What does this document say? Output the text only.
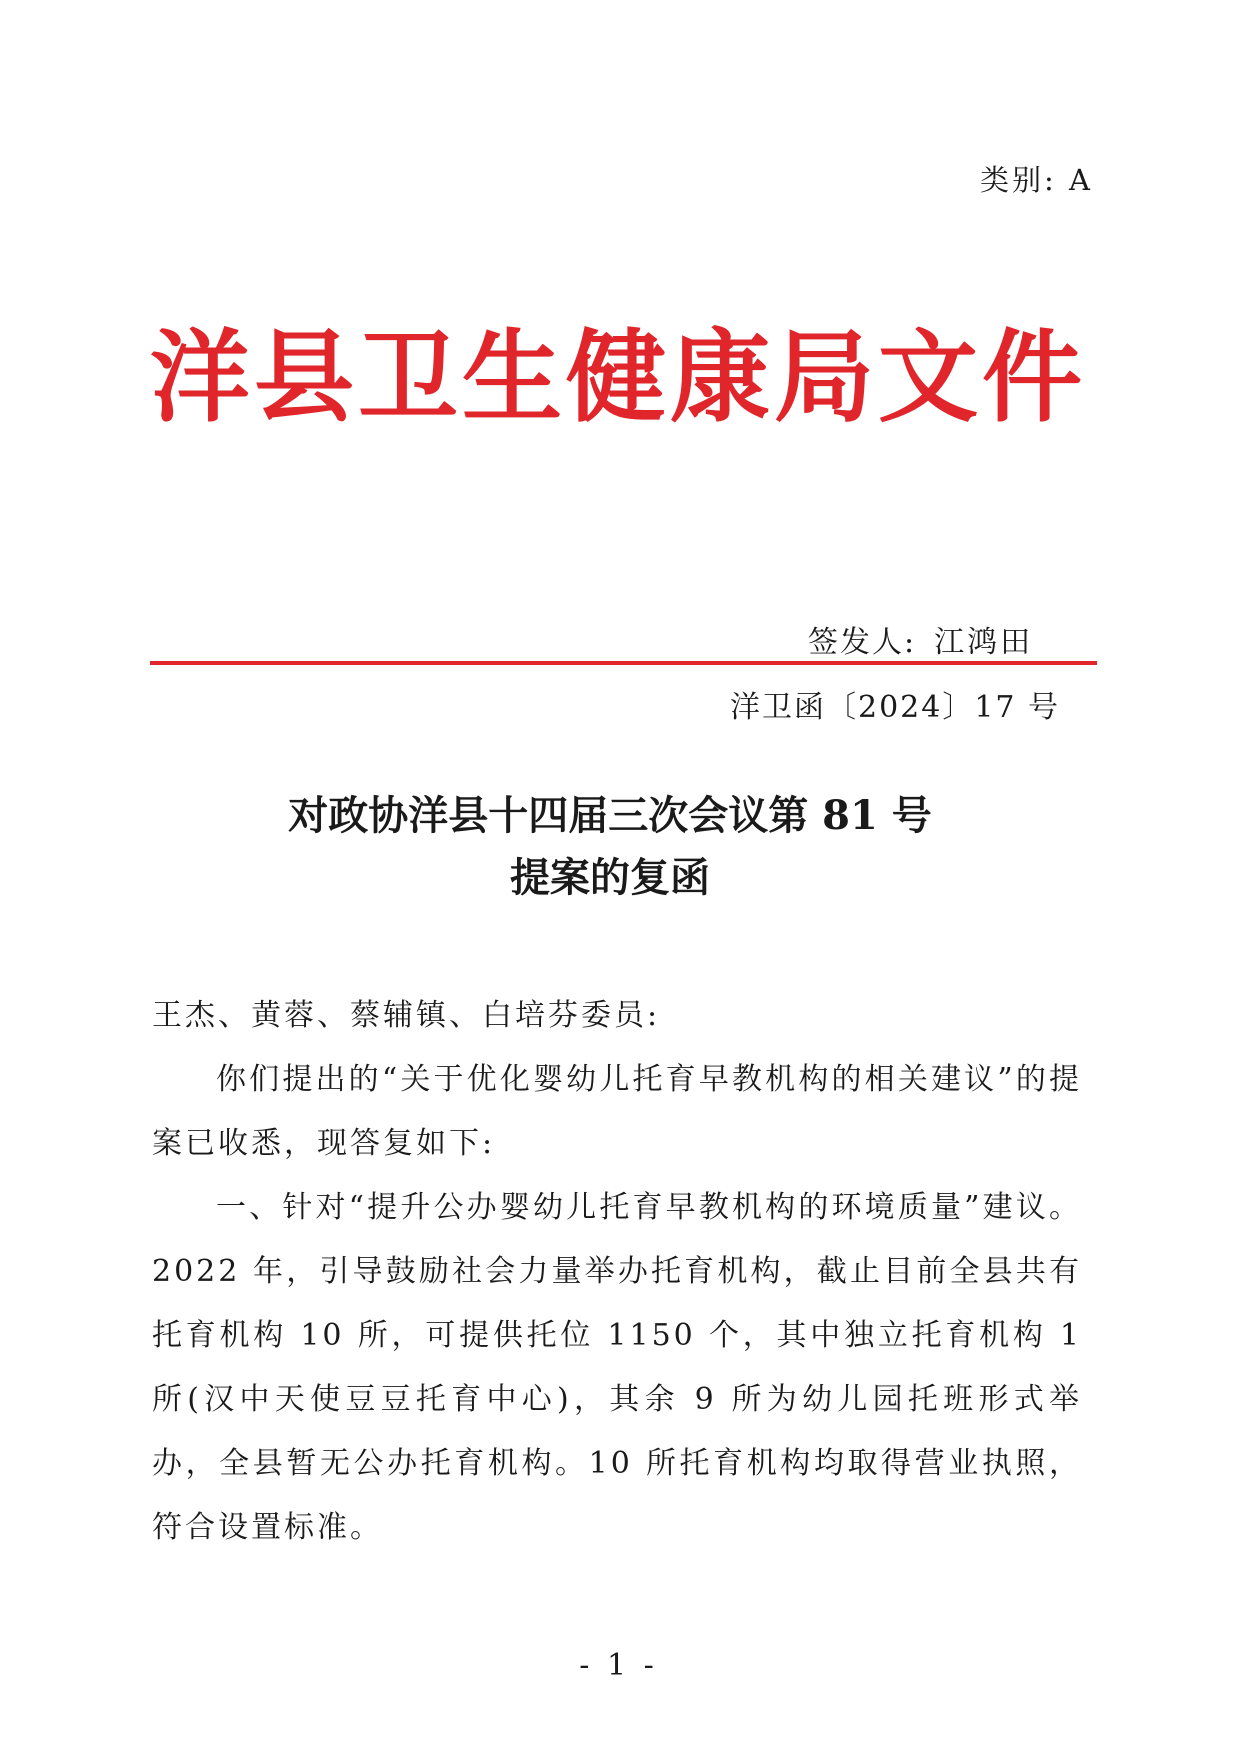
类别: A
洋县卫生健康局文件
签发人: 江鸿田
洋卫函〔2024〕17 号
对政协洋县十四届三次会议第 81 号
提案的复函
王杰、黄蓉、蔡辅镇、白培芬委员:

你们提出的“关于优化婴幼儿托育早教机构的相关建议”的提案已收悉，现答复如下:

一、针对“提升公办婴幼儿托育早教机构的环境质量”建议。2022 年，引导鼓励社会力量举办托育机构，截止目前全县共有托育机构 10 所，可提供托位 1150 个，其中独立托育机构 1 所(汉中天使豆豆托育中心)，其余 9 所为幼儿园托班形式举办，全县暂无公办托育机构。10 所托育机构均取得营业执照，符合设置标准。

- 1 -
